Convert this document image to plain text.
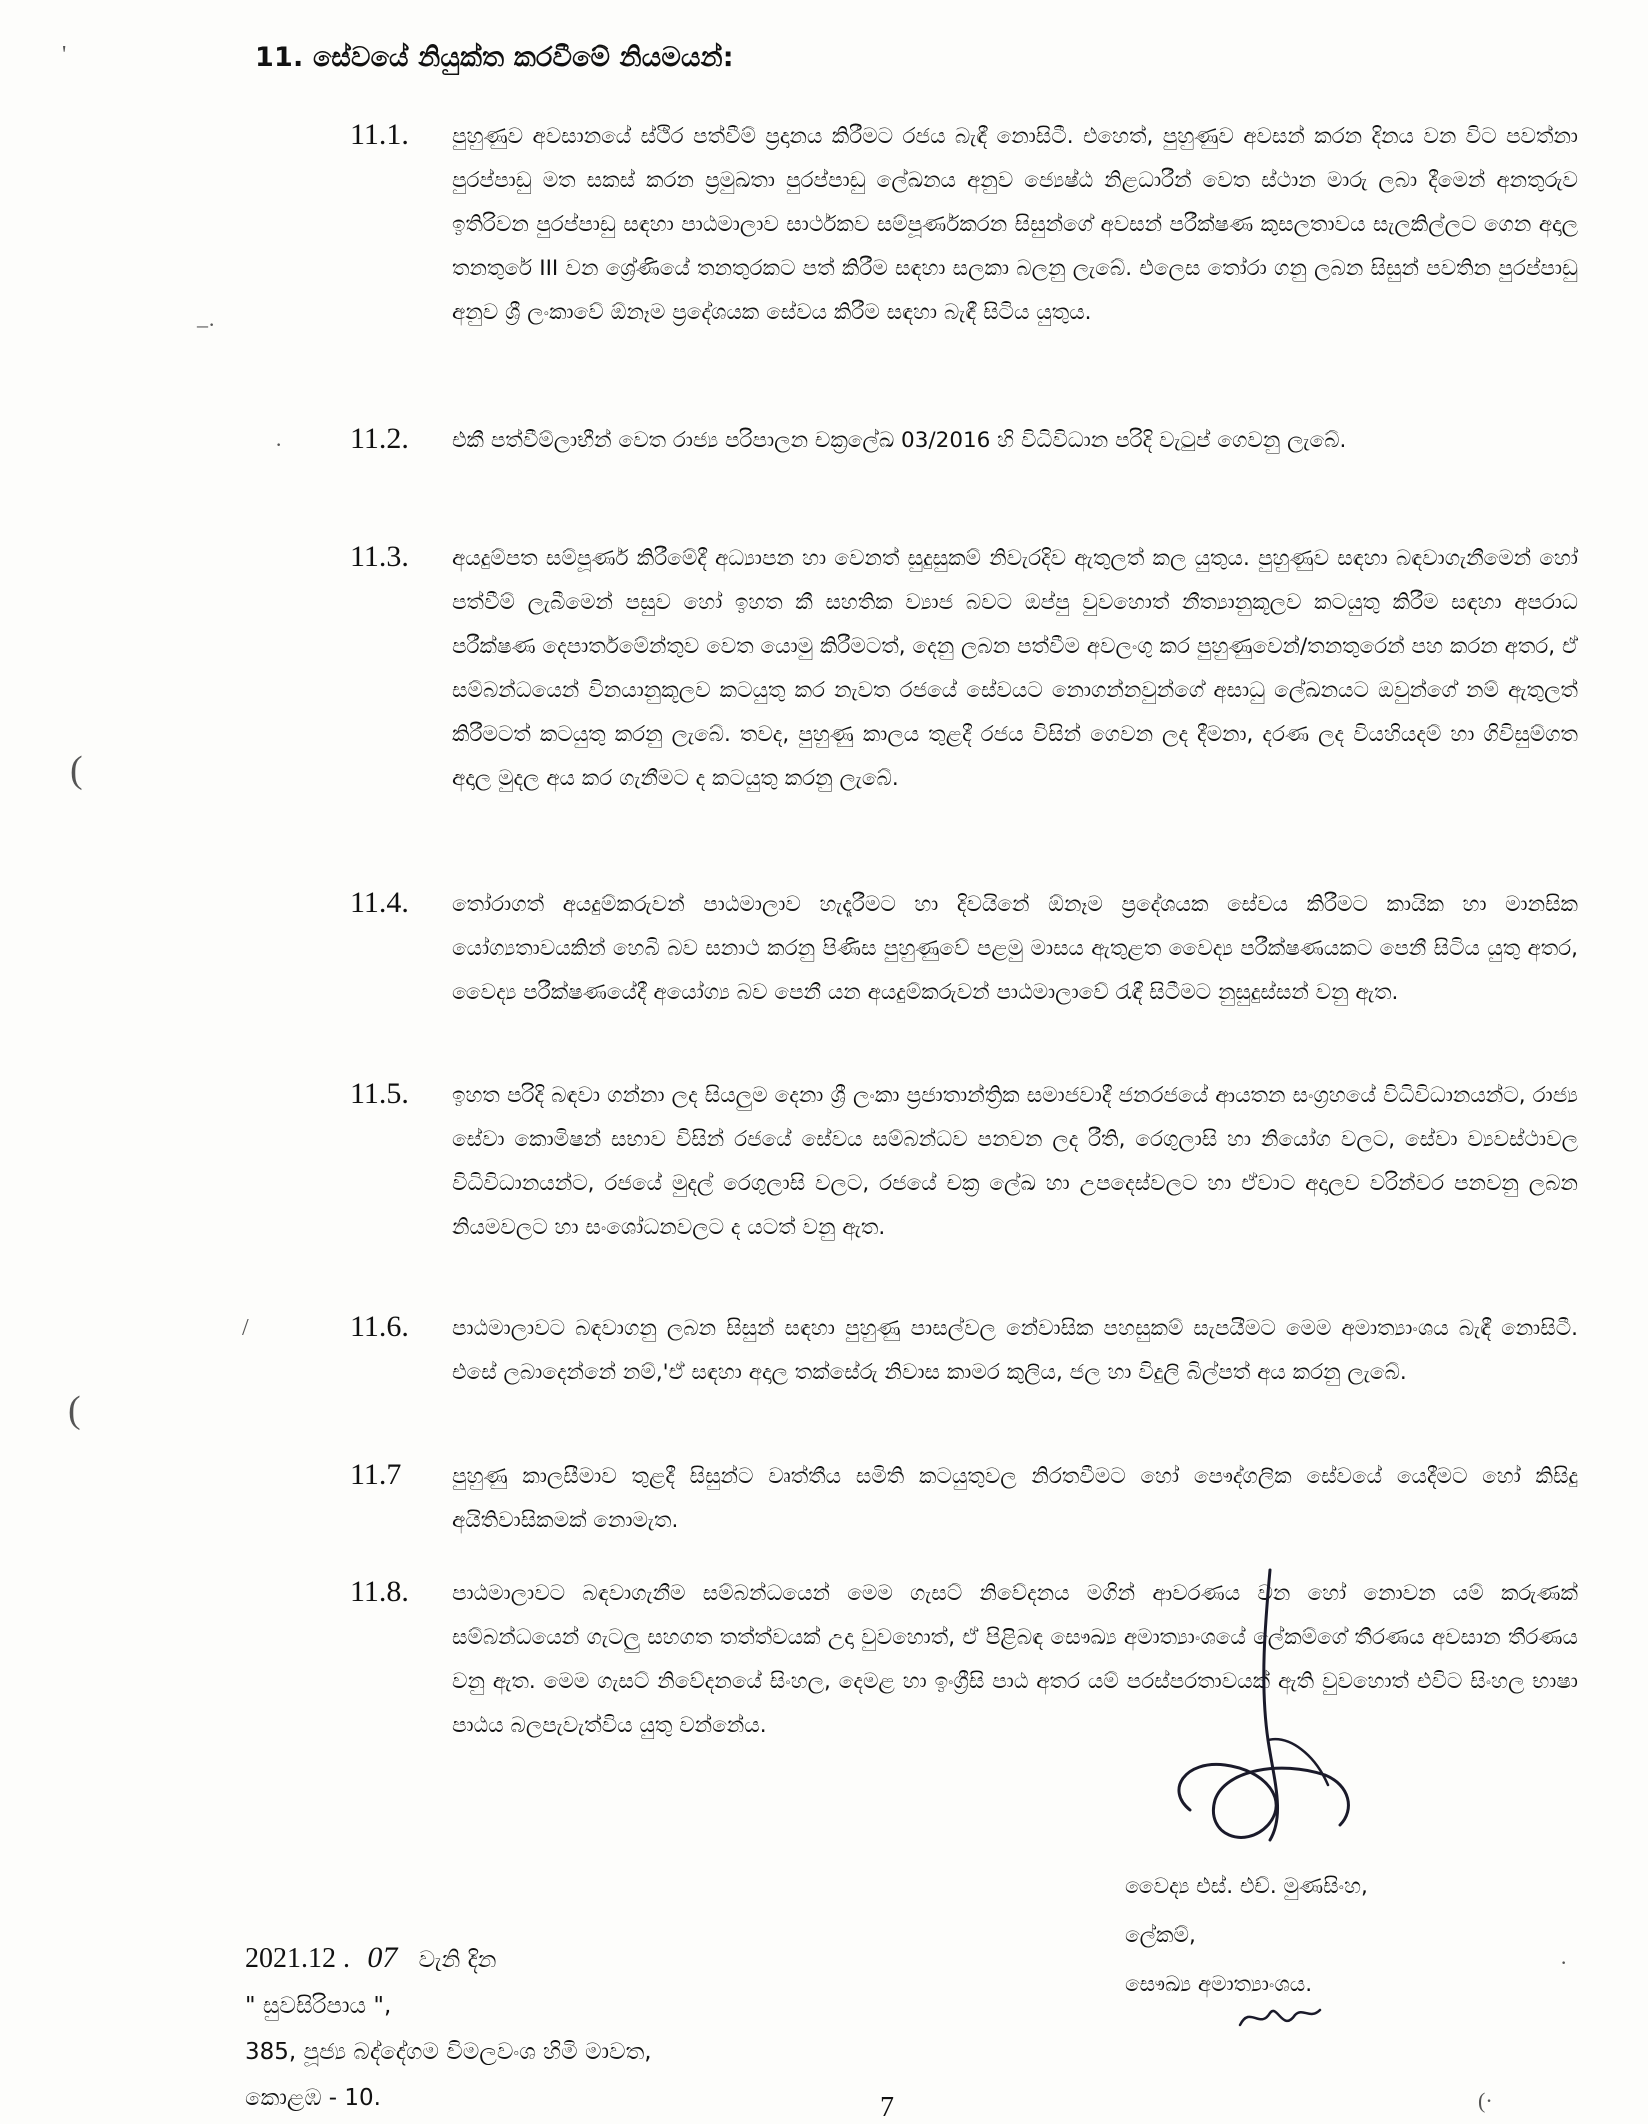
11. සේවයේ නියුක්ත කරවීමේ නියමයන්:
11.1. පුහුණුව අවසානයේ ස්ථිර පත්වීම් ප්‍රදානය කිරීමට රජය බැඳී නොසිටී. එහෙත්, පුහුණුව අවසන් කරන දිනය වන විට පවත්නා පුරප්පාඩු මත සකස් කරන ප්‍රමුඛතා පුරප්පාඩු ලේඛනය අනුව ජ්‍යෙෂ්ඨ නිළධාරීන් වෙත ස්ථාන මාරු ලබා දීමෙන් අනතුරුව ඉතිරිවන පුරප්පාඩු සඳහා පාඨමාලාව සාර්ථකව සම්පූර්ණකරන සිසුන්ගේ අවසන් පරීක්ෂණ කුසලතාවය සැලකිල්ලට ගෙන අදාල තනතුරේ III වන ශ්‍රේණියේ තනතුරකට පත් කිරීම සඳහා සලකා බලනු ලැබේ. එලෙස තෝරා ගනු ලබන සිසුන් පවතින පුරප්පාඩු අනුව ශ්‍රී ලංකාවේ ඕනෑම ප්‍රදේශයක සේවය කිරීම සඳහා බැඳී සිටිය යුතුය.
11.2. එකී පත්වීම්ලාභීන් වෙත රාජ්‍ය පරිපාලන චක්‍රලේඛ 03/2016 හි විධිවිධාන පරිදි වැටුප් ගෙවනු ලැබේ.
11.3. අයදුම්පත සම්පූර්ණ කිරීමේදී අධ්‍යාපන හා වෙනත් සුදුසුකම් නිවැරදිව ඇතුලත් කල යුතුය. පුහුණුව සඳහා බඳවාගැනීමෙන් හෝ පත්වීම් ලැබීමෙන් පසුව හෝ ඉහත කී සහතික ව්‍යාජ බවට ඔප්පු වුවහොත් නීත්‍යානුකූලව කටයුතු කිරීම සඳහා අපරාධ පරීක්ෂණ දෙපාර්තමේන්තුව වෙත යොමු කිරීමටත්, දෙනු ලබන පත්වීම අවලංගු කර පුහුණුවෙන්/තනතුරෙන් පහ කරන අතර, ඒ සම්බන්ධයෙන් විනයානුකූලව කටයුතු කර නැවත රජයේ සේවයට නොගන්නවුන්ගේ අසාධු ලේඛනයට ඔවුන්ගේ නම් ඇතුලත් කිරීමටත් කටයුතු කරනු ලැබේ. තවද, පුහුණු කාලය තුළදී රජය විසින් ගෙවන ලද දීමනා, දරණ ලද වියහියදම් හා ගිවිසුම්ගත අදාල මුදල අය කර ගැනීමට ද කටයුතු කරනු ලැබේ.
11.4. තෝරාගත් අයදුම්කරුවන් පාඨමාලාව හැදෑරීමට හා දිවයිනේ ඕනෑම ප්‍රදේශයක සේවය කිරීමට කායික හා මානසික යෝග්‍යතාවයකින් හෙබි බව සනාථ කරනු පිණිස පුහුණුවේ පළමු මාසය ඇතුළත වෛද්‍ය පරීක්ෂණයකට පෙනී සිටිය යුතු අතර, වෛද්‍ය පරීක්ෂණයේදී අයෝග්‍ය බව පෙනී යන අයදුම්කරුවන් පාඨමාලාවේ රැඳී සිටීමට නුසුදුස්සන් වනු ඇත.
11.5. ඉහත පරිදි බඳවා ගන්නා ලද සියලුම දෙනා ශ්‍රී ලංකා ප්‍රජාතාන්ත්‍රික සමාජවාදී ජනරජයේ ආයතන සංග්‍රහයේ විධිවිධානයන්ට, රාජ්‍ය සේවා කොමිෂන් සභාව විසින් රජයේ සේවය සම්බන්ධව පනවන ලද රීති, රෙගුලාසි හා නියෝග වලට, සේවා ව්‍යවස්ථාවල විධිවිධානයන්ට, රජයේ මුදල් රෙගුලාසි වලට, රජයේ චක්‍ර ලේඛ හා උපදෙස්වලට හා ඒවාට අදාලව වරින්වර පනවනු ලබන නියමවලට හා සංශෝධනවලට ද යටත් වනු ඇත.
11.6. පාඨමාලාවට බඳවාගනු ලබන සිසුන් සඳහා පුහුණු පාසල්වල නේවාසික පහසුකම් සැපයීමට මෙම අමාත්‍යාංශය බැඳී නොසිටී. එසේ ලබාදෙන්නේ නම්,'ඒ සඳහා අදාල තක්සේරු නිවාස කාමර කුලිය, ජල හා විදුලි බිල්පත් අය කරනු ලැබේ.
11.7 පුහුණු කාලසීමාව තුළදී සිසුන්ට වෘත්තීය සමිති කටයුතුවල නිරතවීමට හෝ පෞද්ගලික සේවයේ යෙදීමට හෝ කිසිදු අයිතිවාසිකමක් නොමැත.
11.8. පාඨමාලාවට බඳවාගැනීම සම්බන්ධයෙන් මෙම ගැසට් නිවේදනය මගින් ආවරණය වන හෝ නොවන යම් කරුණක් සම්බන්ධයෙන් ගැටලු සහගත තත්ත්වයක් උදා වුවහොත්, ඒ පිළිබඳ සෞඛ්‍ය අමාත්‍යාංශයේ ලේකම්ගේ තීරණය අවසාන තීරණය වනු ඇත. මෙම ගැසට් නිවේදනයේ සිංහල, දෙමළ හා ඉංග්‍රීසි පාඨ අතර යම් පරස්පරතාවයක් ඇති වුවහොත් එවිට සිංහල භාෂා පාඨය බලපැවැත්විය යුතු වන්නේය.
වෛද්‍ය එස්. එච්. මුණසිංහ,
ලේකම්,
සෞඛ්‍ය අමාත්‍යාංශය.
2021.12 . 07 වැනි දින
" සුවසිරිපාය ",
385, පූජ්‍ය බද්දේගම විමලවංශ හිමි මාවත,
කොළඹ - 10.	7
'
–·
·
(
/
(
(·
·
